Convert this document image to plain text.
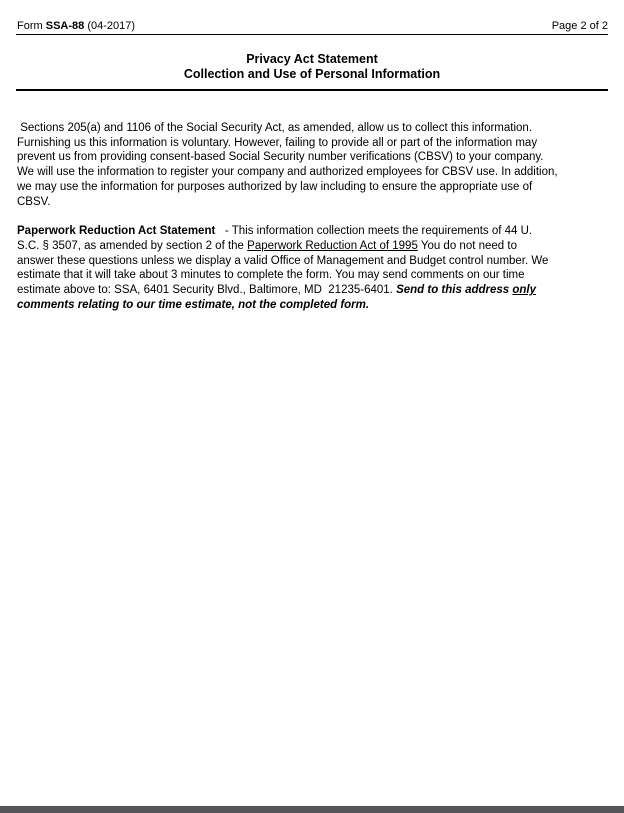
Form SSA-88 (04-2017)	Page 2 of 2
Privacy Act Statement
Collection and Use of Personal Information
Sections 205(a) and 1106 of the Social Security Act, as amended, allow us to collect this information.
Furnishing us this information is voluntary. However, failing to provide all or part of the information may
prevent us from providing consent-based Social Security number verifications (CBSV) to your company.
We will use the information to register your company and authorized employees for CBSV use. In addition,
we may use the information for purposes authorized by law including to ensure the appropriate use of
CBSV.
Paperwork Reduction Act Statement   - This information collection meets the requirements of 44 U.
S.C. § 3507, as amended by section 2 of the Paperwork Reduction Act of 1995 You do not need to
answer these questions unless we display a valid Office of Management and Budget control number. We
estimate that it will take about 3 minutes to complete the form. You may send comments on our time
estimate above to: SSA, 6401 Security Blvd., Baltimore, MD  21235-6401. Send to this address only
comments relating to our time estimate, not the completed form.
